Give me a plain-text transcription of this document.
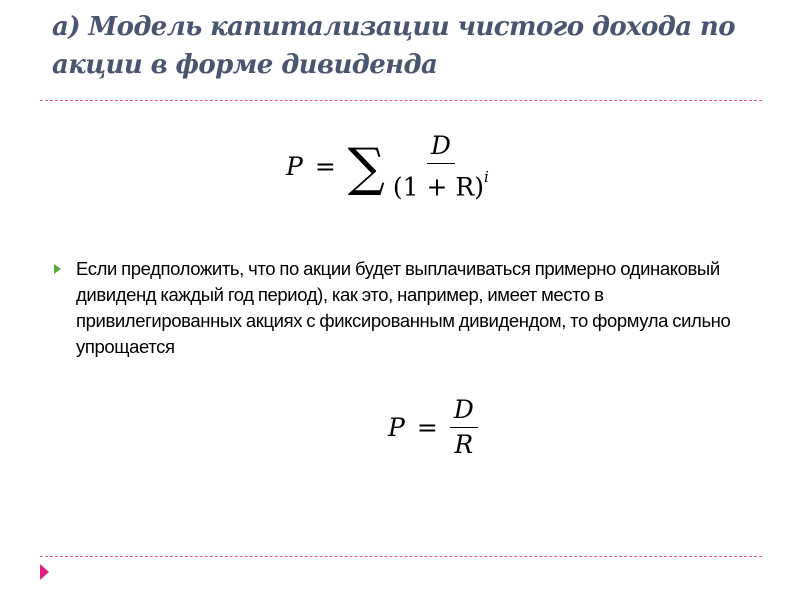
а) Модель капитализации чистого дохода по акции в форме дивиденда
P = ∑ $\frac{D}{(1 + R)^i}$

Если предположить, что по акции будет выплачиваться примерно одинаковый дивиденд каждый год период), как это, например, имеет место в привилегированных акциях с фиксированным дивидендом, то формула сильно упрощается

$P = \frac{D}{R}$
